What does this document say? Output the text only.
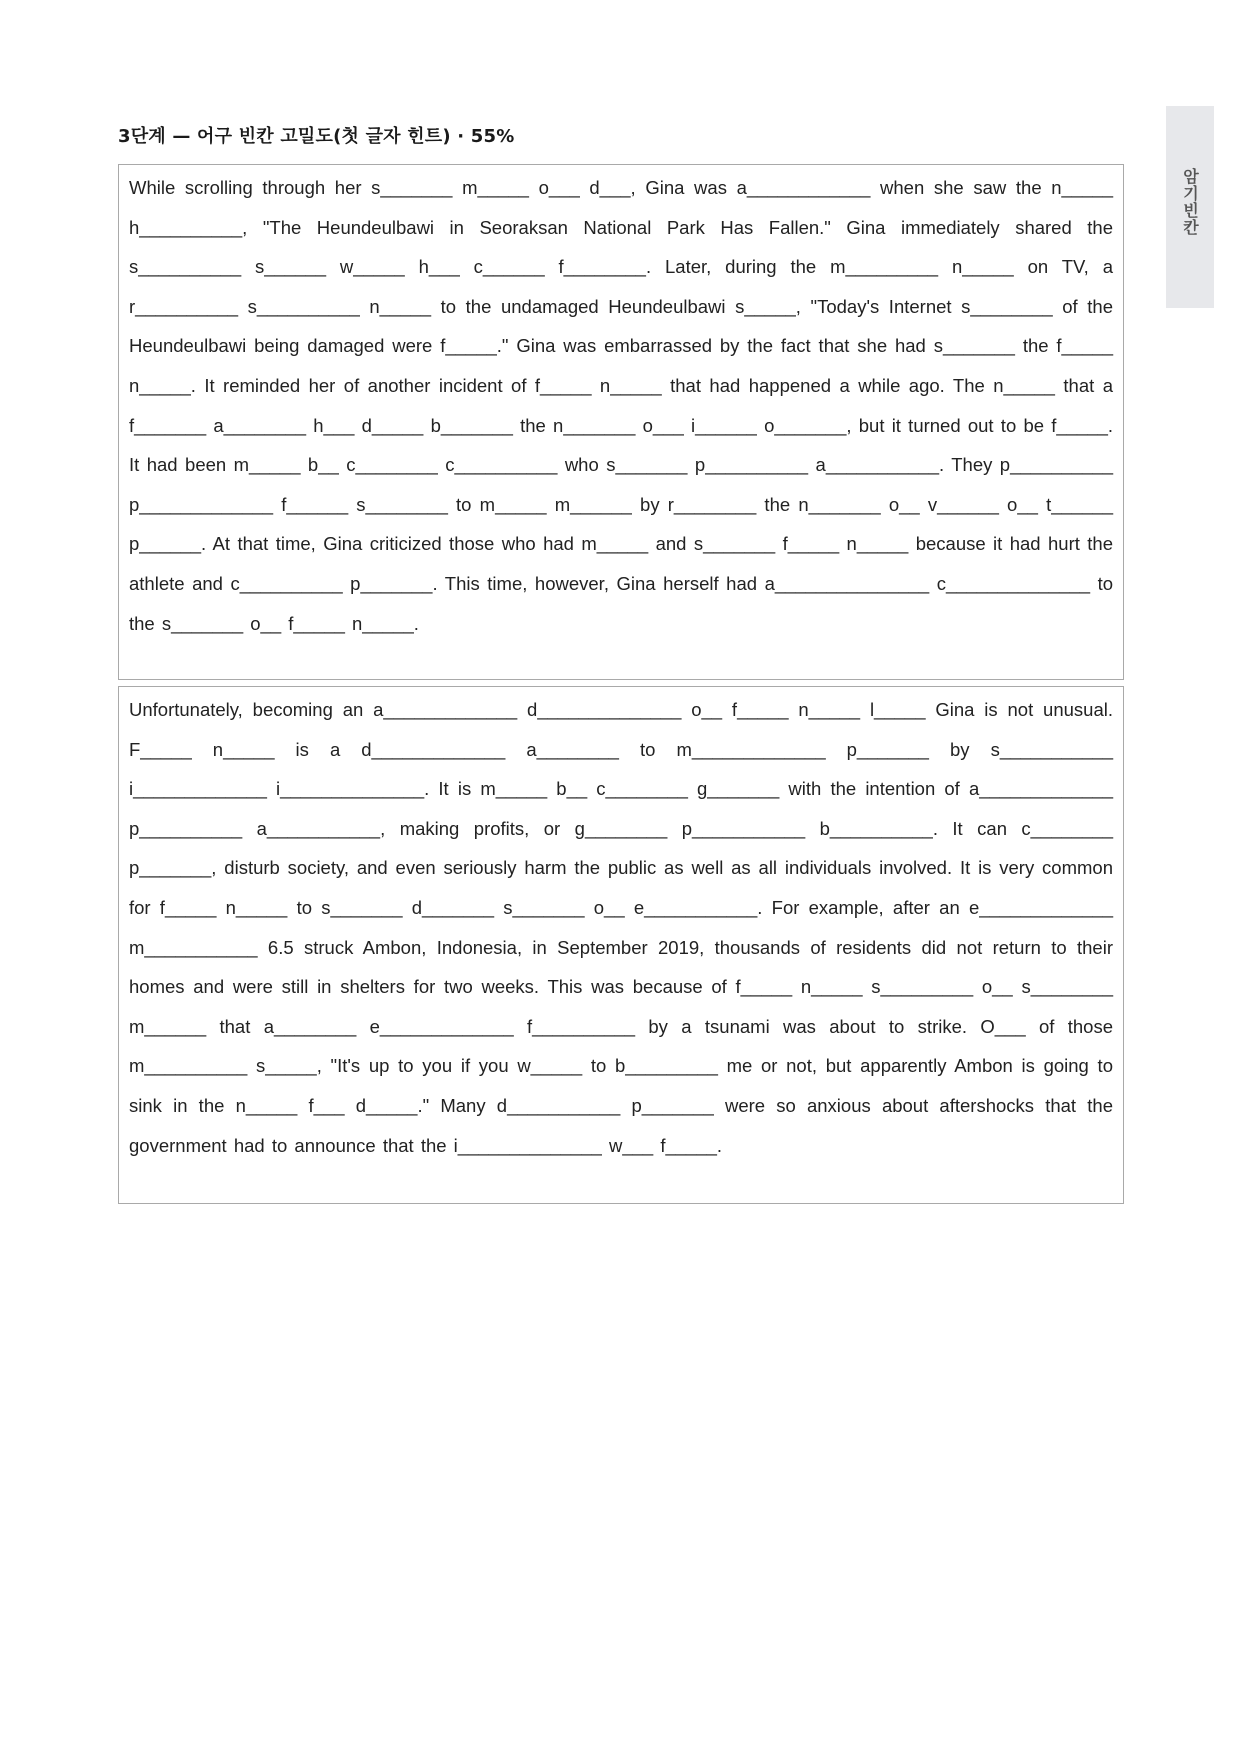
3단계 — 어구 빈칸 고밀도(첫 글자 힌트) · 55%
암기빈칸
While scrolling through her s_______ m_____ o___ d___, Gina was a____________ when she saw the n_____ h__________, "The Heundeulbawi in Seoraksan National Park Has Fallen." Gina immediately shared the s__________ s______ w_____ h___ c______ f________. Later, during the m_________ n_____ on TV, a r__________ s__________ n_____ to the undamaged Heundeulbawi s_____, "Today's Internet s________ of the Heundeulbawi being damaged were f_____." Gina was embarrassed by the fact that she had s_______ the f_____ n_____. It reminded her of another incident of f_____ n_____ that had happened a while ago. The n_____ that a f_______ a________ h___ d_____ b_______ the n_______ o___ i______ o_______, but it turned out to be f_____. It had been m_____ b__ c________ c__________ who s_______ p__________ a___________. They p__________ p_____________ f______ s________ to m_____ m______ by r________ the n_______ o__ v______ o__ t______ p______. At that time, Gina criticized those who had m_____ and s_______ f_____ n_____ because it had hurt the athlete and c__________ p_______. This time, however, Gina herself had a_______________ c______________ to the s_______ o__ f_____ n_____.
Unfortunately, becoming an a_____________ d______________ o__ f_____ n_____ l_____ Gina is not unusual. F_____ n_____ is a d_____________ a________ to m_____________ p_______ by s___________ i_____________ i______________. It is m_____ b__ c________ g_______ with the intention of a_____________ p__________ a___________, making profits, or g________ p___________ b__________. It can c________ p_______, disturb society, and even seriously harm the public as well as all individuals involved. It is very common for f_____ n_____ to s_______ d_______ s_______ o__ e___________. For example, after an e_____________ m___________ 6.5 struck Ambon, Indonesia, in September 2019, thousands of residents did not return to their homes and were still in shelters for two weeks. This was because of f_____ n_____ s_________ o__ s________ m______ that a________ e_____________ f__________ by a tsunami was about to strike. O___ of those m__________ s_____, "It's up to you if you w_____ to b_________ me or not, but apparently Ambon is going to sink in the n_____ f___ d_____." Many d___________ p_______ were so anxious about aftershocks that the government had to announce that the i______________ w___ f_____.
